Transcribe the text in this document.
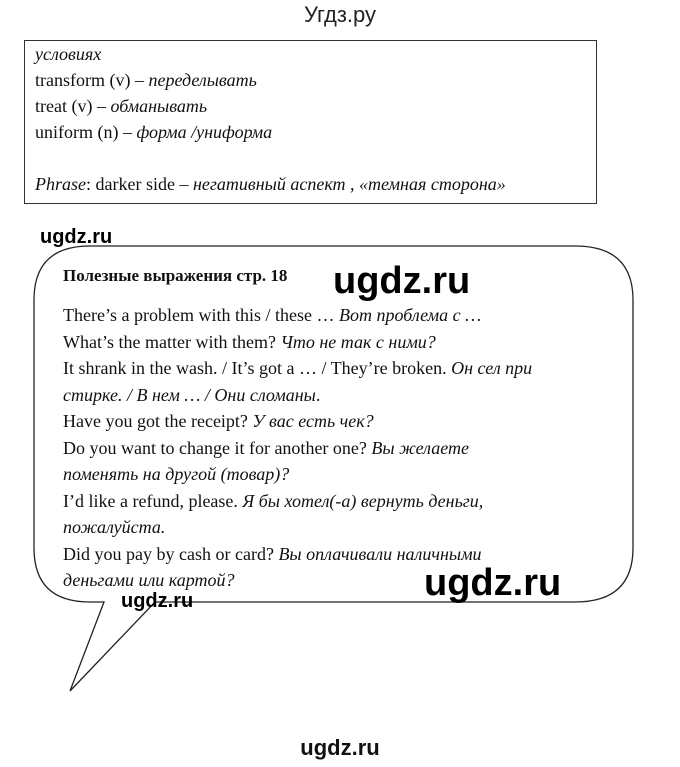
Угдз.ру
условиях
transform (v) – переделывать
treat (v) – обманывать
uniform (n) – форма /униформа

Phrase: darker side – негативный аспект , «темная сторона»
ugdz.ru
Полезные выражения стр. 18 ugdz.ru
There’s a problem with this / these … Вот проблема с …
What’s the matter with them? Что не так с ними?
It shrank in the wash. / It’s got a … / They’re broken. Он сел при
стирке. / В нем … / Они сломаны.
Have you got the receipt? У вас есть чек?
Do you want to change it for another one? Вы желаете
поменять на другой (товар)?
I’d like a refund, please. Я бы хотел(-а) вернуть деньги,
пожалуйста.
Did you pay by cash or card? Вы оплачивали наличными
деньгами или картой?	ugdz.ru
ugdz.ru
ugdz.ru
